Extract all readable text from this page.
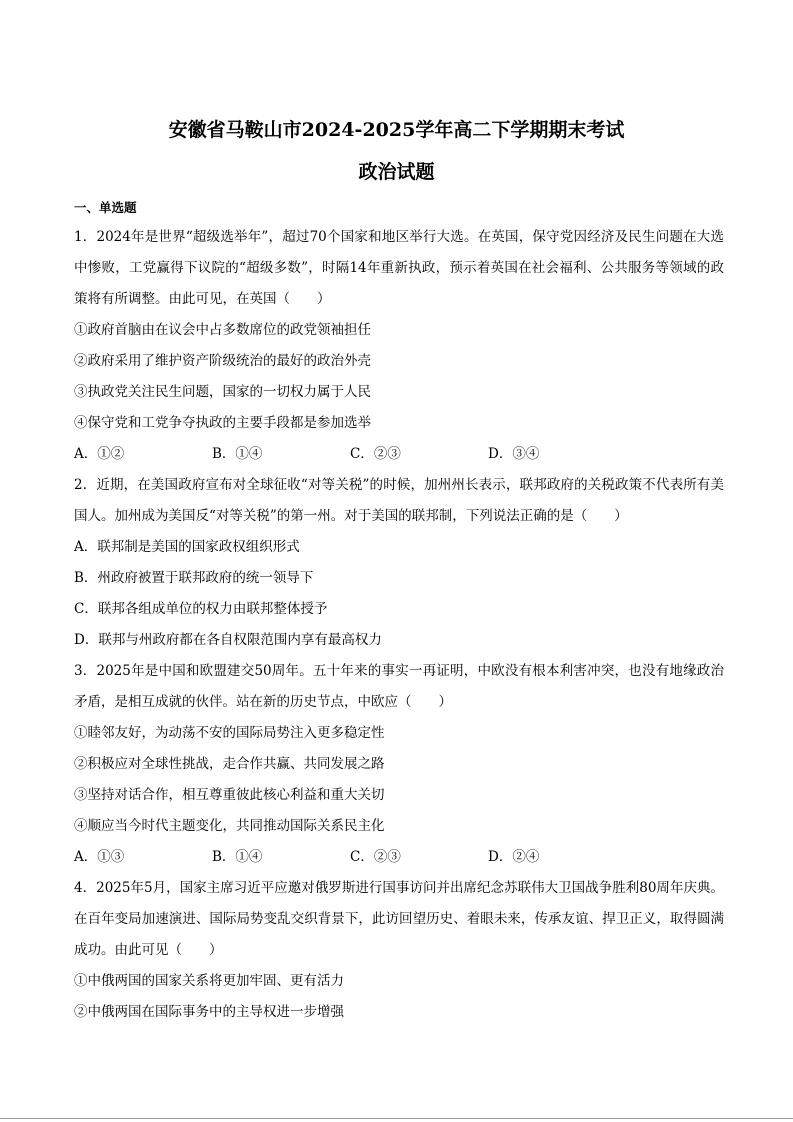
安徽省马鞍山市2024-2025学年高二下学期期末考试
政治试题
一、单选题

1．2024年是世界“超级选举年”，超过70个国家和地区举行大选。在英国，保守党因经济及民生问题在大选中惨败，工党赢得下议院的“超级多数”，时隔14年重新执政，预示着英国在社会福利、公共服务等领域的政策将有所调整。由此可见，在英国（　　）

①政府首脑由在议会中占多数席位的政党领袖担任

②政府采用了维护资产阶级统治的最好的政治外壳

③执政党关注民生问题，国家的一切权力属于人民

④保守党和工党争夺执政的主要手段都是参加选举

A．①②	B．①④	C．②③	D．③④

2．近期，在美国政府宣布对全球征收“对等关税”的时候，加州州长表示，联邦政府的关税政策不代表所有美国人。加州成为美国反“对等关税”的第一州。对于美国的联邦制，下列说法正确的是（　　）

A．联邦制是美国的国家政权组织形式

B．州政府被置于联邦政府的统一领导下

C．联邦各组成单位的权力由联邦整体授予

D．联邦与州政府都在各自权限范围内享有最高权力

3．2025年是中国和欧盟建交50周年。五十年来的事实一再证明，中欧没有根本利害冲突，也没有地缘政治矛盾，是相互成就的伙伴。站在新的历史节点，中欧应（　　）

①睦邻友好，为动荡不安的国际局势注入更多稳定性

②积极应对全球性挑战，走合作共赢、共同发展之路

③坚持对话合作，相互尊重彼此核心利益和重大关切

④顺应当今时代主题变化，共同推动国际关系民主化

A．①③	B．①④	C．②③	D．②④

4．2025年5月，国家主席习近平应邀对俄罗斯进行国事访问并出席纪念苏联伟大卫国战争胜利80周年庆典。在百年变局加速演进、国际局势变乱交织背景下，此访回望历史、着眼未来，传承友谊、捍卫正义，取得圆满成功。由此可见（　　）

①中俄两国的国家关系将更加牢固、更有活力

②中俄两国在国际事务中的主导权进一步增强
